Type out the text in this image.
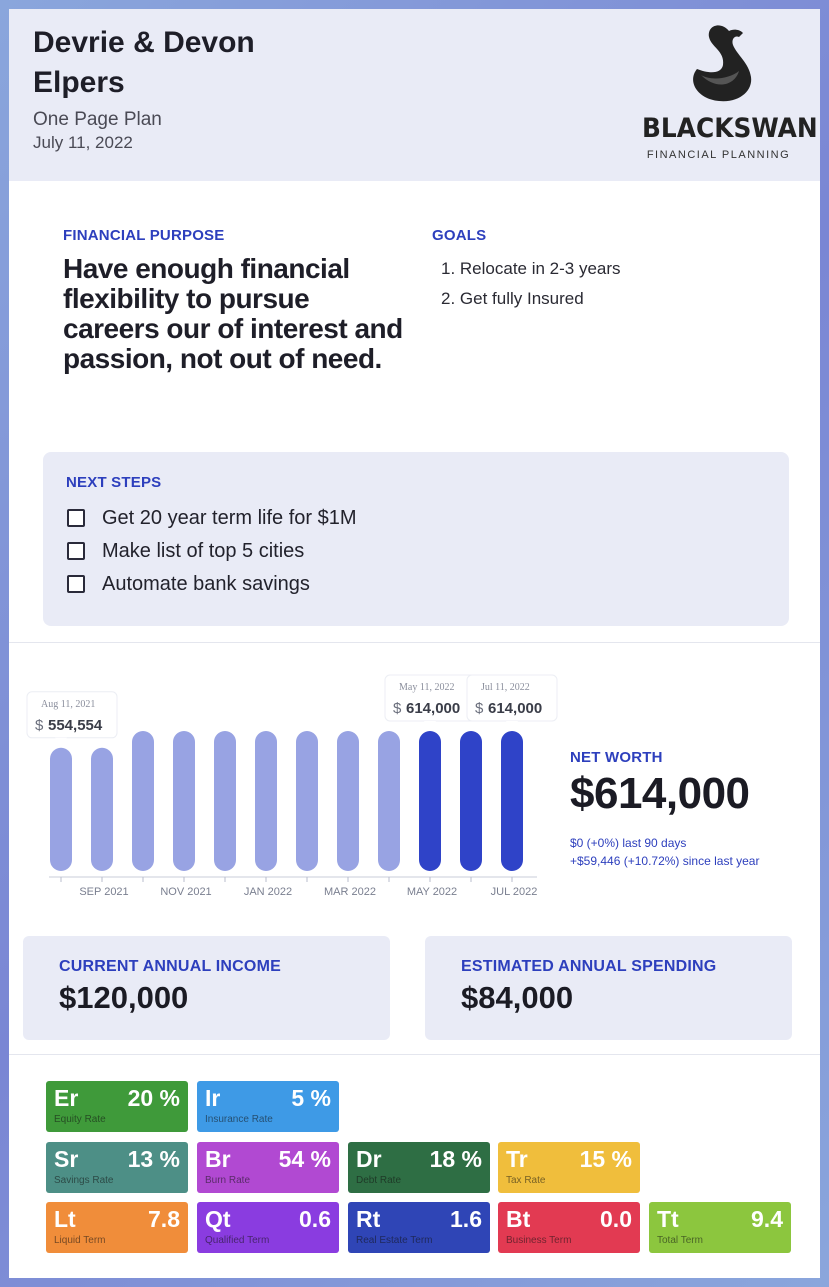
Devrie & Devon Elpers
One Page Plan
July 11, 2022	BLACKSWAN
FINANCIAL PLANNING
FINANCIAL PURPOSE
Have enough financial flexibility to pursue careers our of interest and passion, not out of need.
GOALS
1. Relocate in 2-3 years
2. Get fully Insured
NEXT STEPS
Get 20 year term life for $1M
Make list of top 5 cities
Automate bank savings
SEP 2021	NOV 2021	JAN 2022	MAR 2022	MAY 2022	JUL 2022
Aug 11, 2021
$ 554,554
May 11, 2022
$ 614,000
Jul 11, 2022
$ 614,000
NET WORTH
$614,000
$0 (+0%) last 90 days
+$59,446 (+10.72%) since last year
CURRENT ANNUAL INCOME
$120,000
ESTIMATED ANNUAL SPENDING
$84,000
Er 20 %
Equity Rate
Ir	5 %
Insurance Rate
Sr 13 %
Savings Rate
Br 54 %
Burn Rate
Dr 18 %
Debt Rate
Tr 15 %
Tax Rate
Lt	7.8
Liquid Term
Qt	0.6
Qualified Term
Rt	1.6
Real Estate Term
Bt	0.0
Business Term
Tt	9.4
Total Term
